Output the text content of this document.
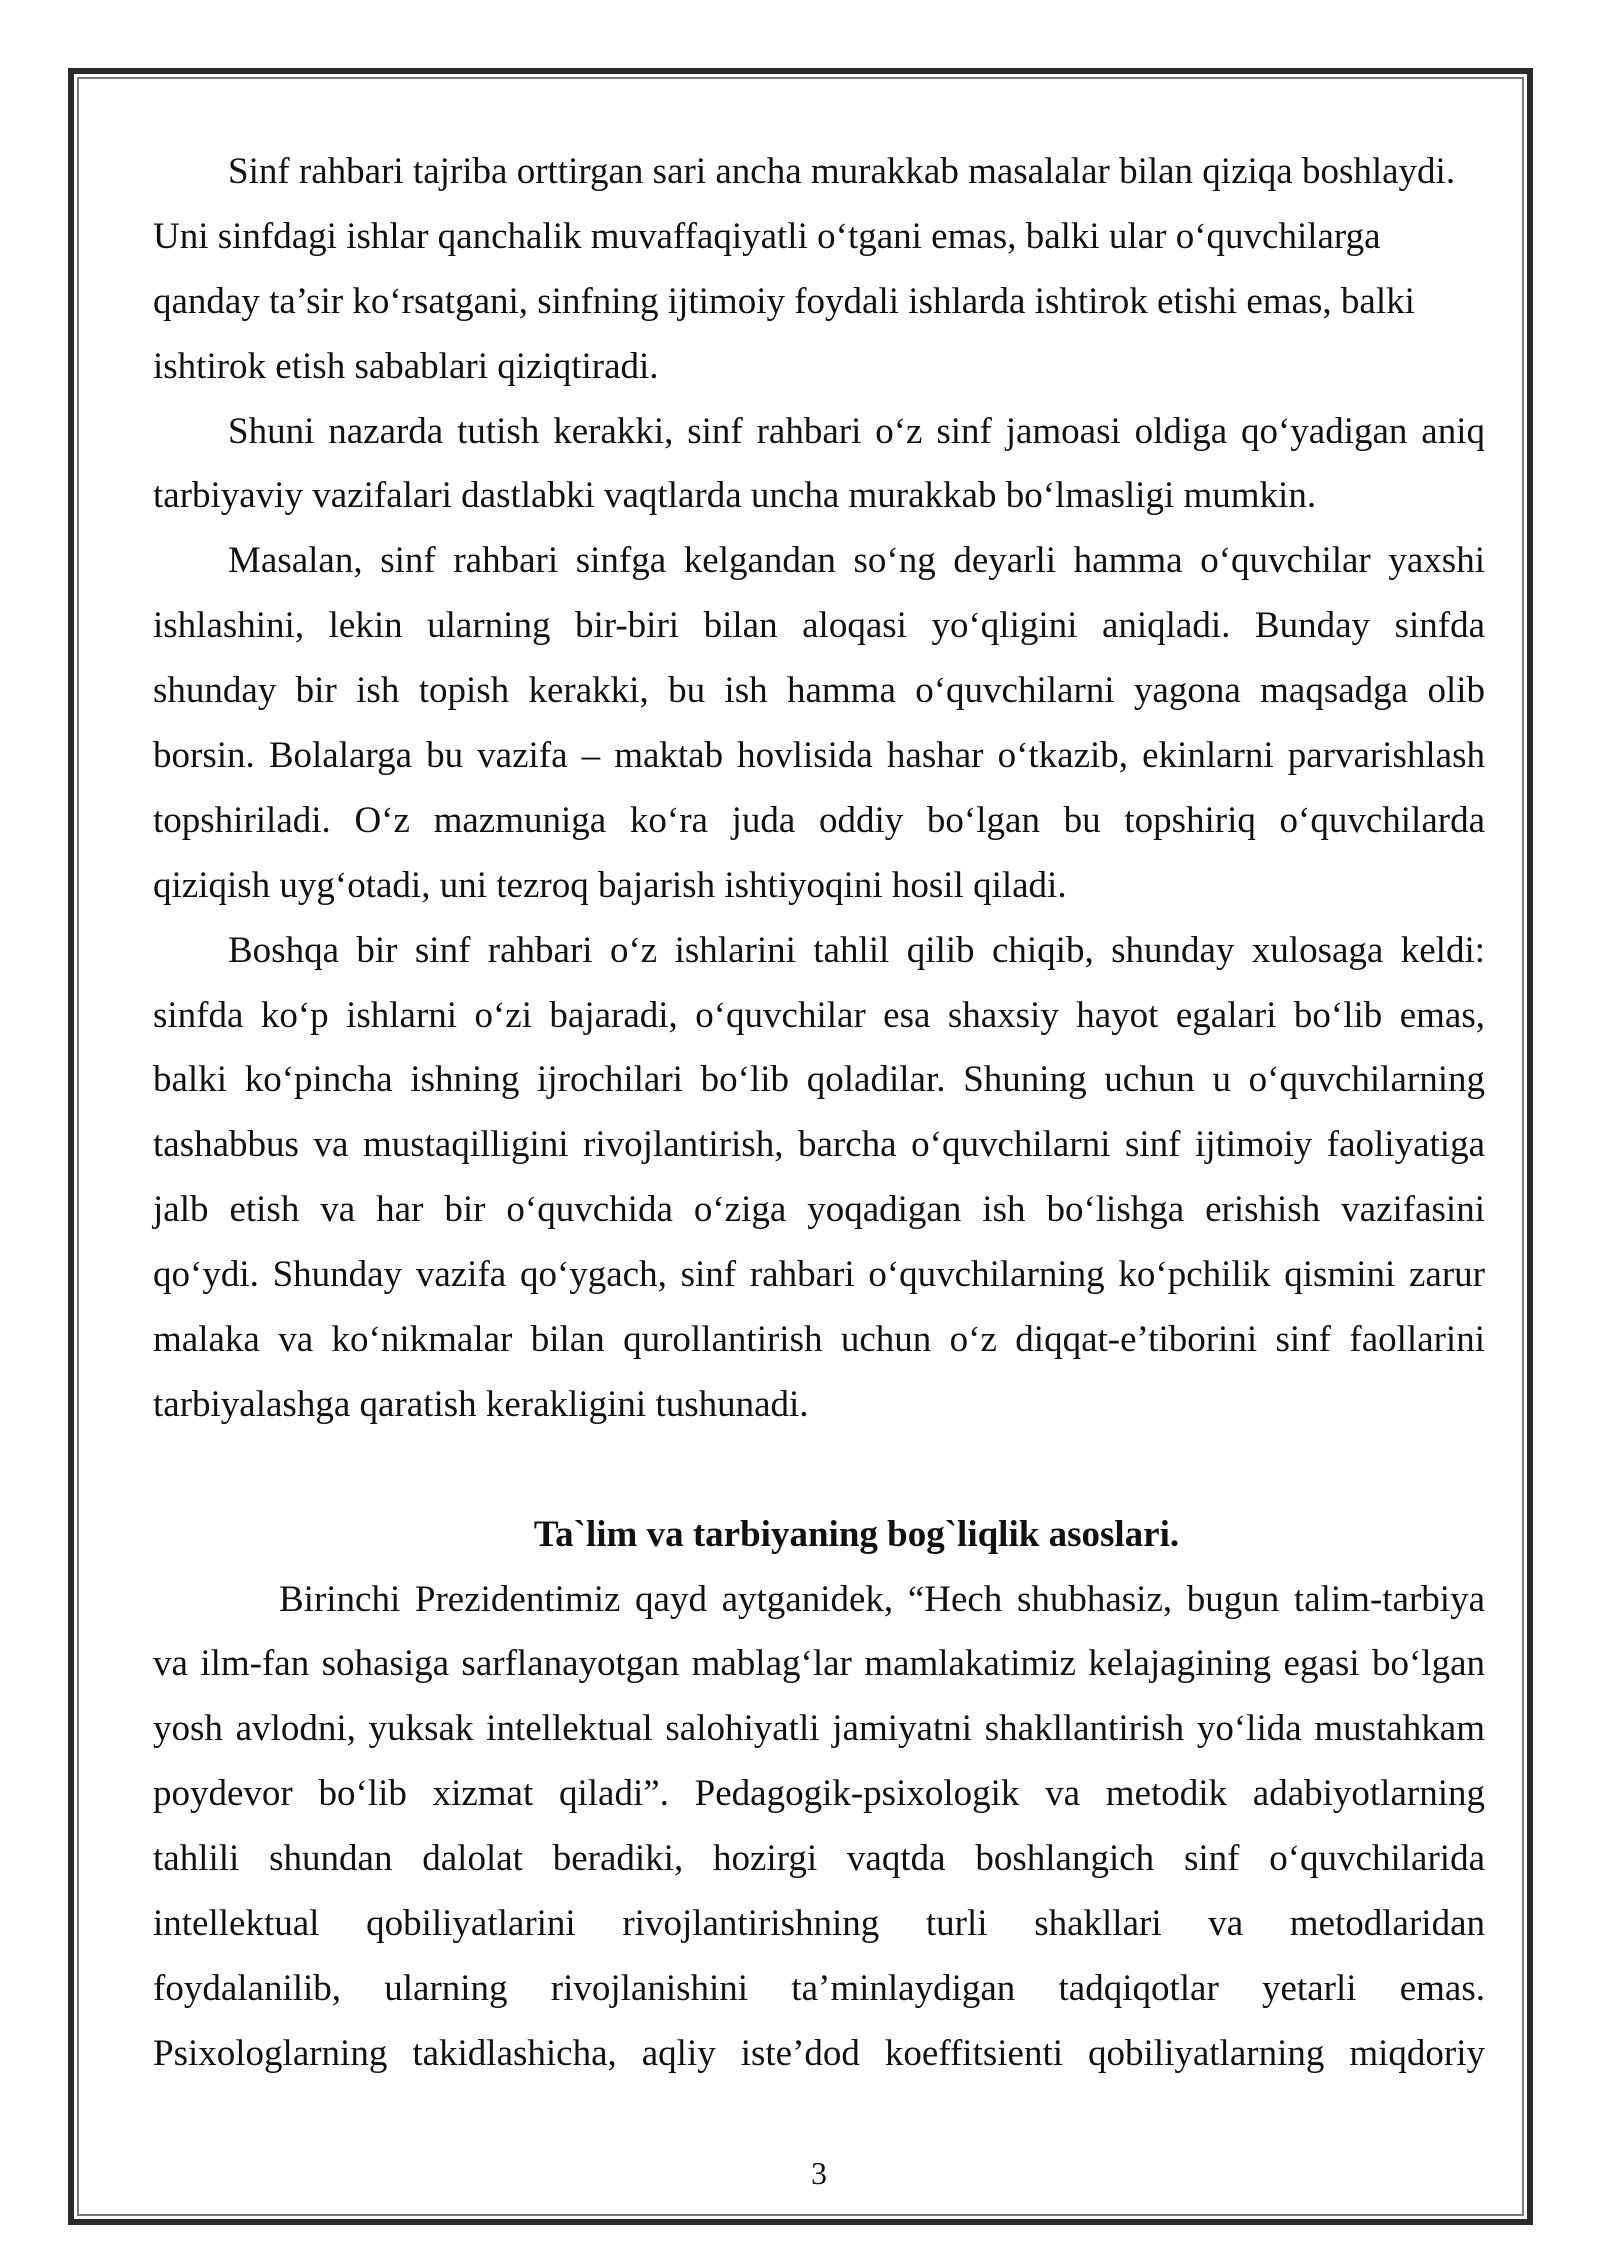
Sinf rahbari tajriba orttirgan sari ancha murakkab masalalar bilan qiziqa boshlaydi.
Uni sinfdagi ishlar qanchalik muvaffaqiyatli o‘tgani emas, balki ular o‘quvchilarga
qanday ta’sir ko‘rsatgani, sinfning ijtimoiy foydali ishlarda ishtirok etishi emas, balki
ishtirok etish sabablari qiziqtiradi.
Shuni nazarda tutish kerakki, sinf rahbari o‘z sinf jamoasi oldiga qo‘yadigan aniq
tarbiyaviy vazifalari dastlabki vaqtlarda uncha murakkab bo‘lmasligi mumkin.
Masalan, sinf rahbari sinfga kelgandan so‘ng deyarli hamma o‘quvchilar yaxshi
ishlashini, lekin ularning bir-biri bilan aloqasi yo‘qligini aniqladi. Bunday sinfda
shunday bir ish topish kerakki, bu ish hamma o‘quvchilarni yagona maqsadga olib
borsin. Bolalarga bu vazifa – maktab hovlisida hashar o‘tkazib, ekinlarni parvarishlash
topshiriladi. O‘z mazmuniga ko‘ra juda oddiy bo‘lgan bu topshiriq o‘quvchilarda
qiziqish uyg‘otadi, uni tezroq bajarish ishtiyoqini hosil qiladi.
Boshqa bir sinf rahbari o‘z ishlarini tahlil qilib chiqib, shunday xulosaga keldi:
sinfda ko‘p ishlarni o‘zi bajaradi, o‘quvchilar esa shaxsiy hayot egalari bo‘lib emas,
balki ko‘pincha ishning ijrochilari bo‘lib qoladilar. Shuning uchun u o‘quvchilarning
tashabbus va mustaqilligini rivojlantirish, barcha o‘quvchilarni sinf ijtimoiy faoliyatiga
jalb etish va har bir o‘quvchida o‘ziga yoqadigan ish bo‘lishga erishish vazifasini
qo‘ydi. Shunday vazifa qo‘ygach, sinf rahbari o‘quvchilarning ko‘pchilik qismini zarur
malaka va ko‘nikmalar bilan qurollantirish uchun o‘z diqqat-e’tiborini sinf faollarini
tarbiyalashga qaratish kerakligini tushunadi.
Ta`lim va tarbiyaning bog`liqlik asoslari.
Birinchi Prezidentimiz qayd aytganidek, “Hech shubhasiz, bugun talim-tarbiya
va ilm-fan sohasiga sarflanayotgan mablag‘lar mamlakatimiz kelajagining egasi bo‘lgan
yosh avlodni, yuksak intellektual salohiyatli jamiyatni shakllantirish yo‘lida mustahkam
poydevor bo‘lib xizmat qiladi”. Pedagogik-psixologik va metodik adabiyotlarning
tahlili shundan dalolat beradiki, hozirgi vaqtda boshlangich sinf o‘quvchilarida
intellektual qobiliyatlarini rivojlantirishning turli shakllari va metodlaridan
foydalanilib, ularning rivojlanishini ta’minlaydigan tadqiqotlar yetarli emas.
Psixologlarning takidlashicha, aqliy iste’dod koeffitsienti qobiliyatlarning miqdoriy
3
